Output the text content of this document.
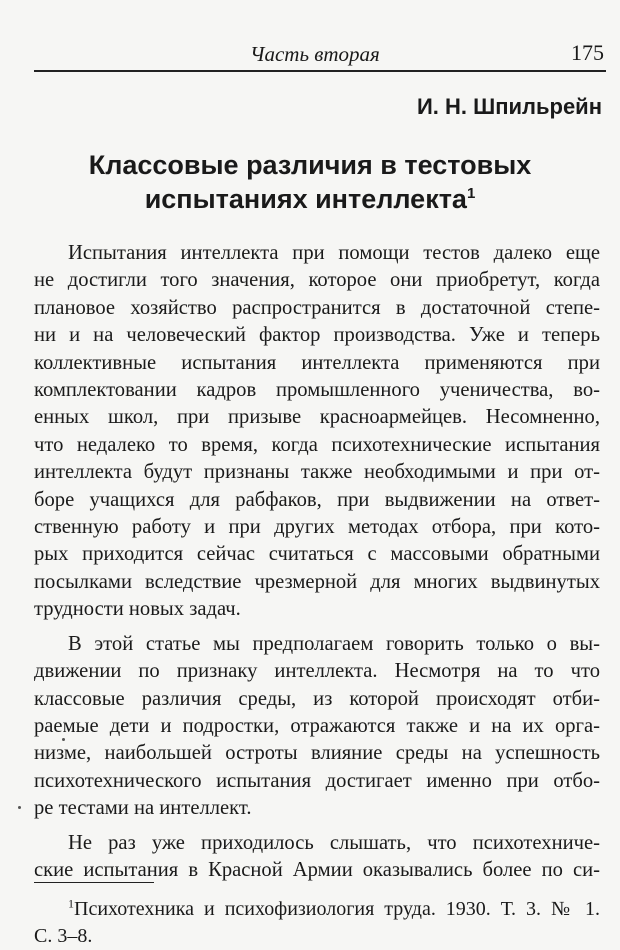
Часть вторая	175
И. Н. Шпильрейн
Классовые различия в тестовых
испытаниях интеллекта$^1$
Испытания интеллекта при помощи тестов далеко еще
не достигли того значения, которое они приобретут, когда
плановое хозяйство распространится в достаточной степе-
ни и на человеческий фактор производства. Уже и теперь
коллективные испытания интеллекта применяются при
комплектовании кадров промышленного ученичества, во-
енных школ, при призыве красноармейцев. Несомненно,
что недалеко то время, когда психотехнические испытания
интеллекта будут признаны также необходимыми и при от-
боре учащихся для рабфаков, при выдвижении на ответ-
ственную работу и при других методах отбора, при кото-
рых приходится сейчас считаться с массовыми обратными
посылками вследствие чрезмерной для многих выдвинутых
трудности новых задач.
В этой статье мы предполагаем говорить только о вы-
движении по признаку интеллекта. Несмотря на то что
классовые различия среды, из которой происходят отби-
раемые дети и подростки, отражаются также и на их орга-
низме, наибольшей остроты влияние среды на успешность
психотехнического испытания достигает именно при отбо-
ре тестами на интеллект.
Не раз уже приходилось слышать, что психотехниче-
ские испытания в Красной Армии оказывались более по си-
$^1$Психотехника и психофизиология труда. 1930. Т. 3. № 1.
С. 3–8.
